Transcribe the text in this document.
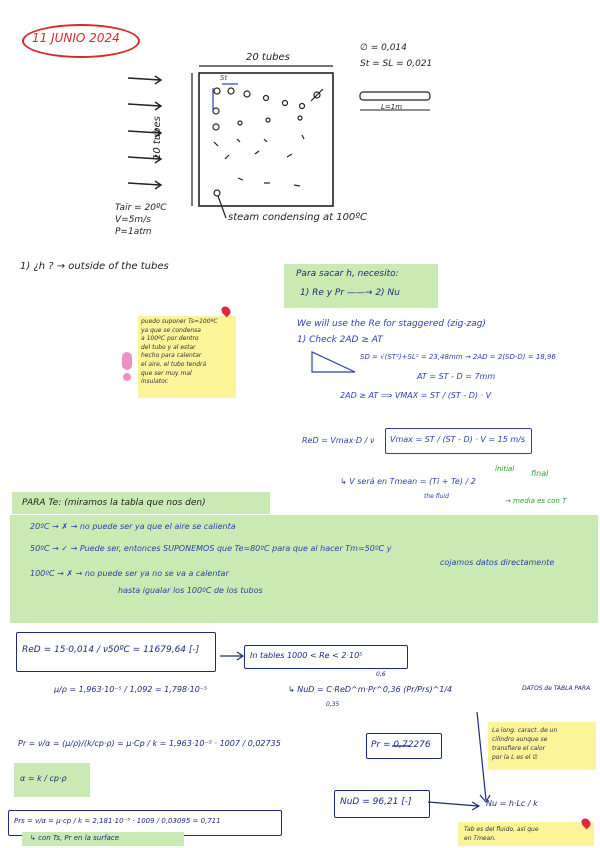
11 JUNIO 2024
20 tubes
10 tubes
St
∅ = 0,014
St = SL = 0,021
L=1m
Tair = 20ºC
V=5m/s
P=1atm
steam condensing at 100ºC
1) ¿h ? → outside of the tubes
Para sacar h, necesito:
1) Re y Pr ——→ 2) Nu
puedo suponer Ts=100ºC
ya que se condensa
a 100ºC por dentro
del tubo y al estar
hecho para calentar
el aire, el tubo tendrá
que ser muy mal
insulator.
We will use the Re for staggered (zig-zag)
1) Check 2AD ≥ AT
SD = √(ST²)+SL² = 23,48mm → 2AD = 2(SD-D) = 18,96
AT = ST - D = 7mm
2AD ≥ AT ⟹ VMAX = ST / (ST - D) · V
ReD = Vmax·D / ν Vmax = ST / (ST - D) · V = 15 m/s
↳ V será en Tmean = (Ti + Te) / 2
the fluid
initial final
→ media es con T
PARA Te: (miramos la tabla que nos den)
20ºC → ✗ → no puede ser ya que el aire se calienta
50ºC → ✓ → Puede ser, entonces SUPONEMOS que Te=80ºC para que al hacer Tm=50ºC y
cojamos datos directamente
100ºC → ✗ → no puede ser ya no se va a calentar
hasta igualar los 100ºC de los tubos
ReD = 15·0,014 / ν50ºC = 11679,64 [-]
In tables 1000 < Re < 2·10⁵
μ/ρ = 1,963·10⁻⁵ / 1,092 = 1,798·10⁻⁵	↳ NuD = C·ReD^m·Pr^0,36 (Pr/Prs)^1/4	DATOS de TABLA PARA
0,35
0,6
Pr = ν/α = (μ/ρ)/(k/cp·ρ) = μ·Cp / k = 1,963·10⁻⁵ · 1007 / 0,02735	Pr = 0,72276
α = k / cp·ρ
NuD = 96,21 [-]	Nu = h·Lc / k
Prs = ν/α = μ·cp / k = 2,181·10⁻⁵ · 1009 / 0,03095 = 0,711
↳ con Ts, Pr en la surface
La long. caract. de un
cilindro aunque se
transfiere el calor
por la L es el ∅
Tab es del fluido, así que
en Tmean.
